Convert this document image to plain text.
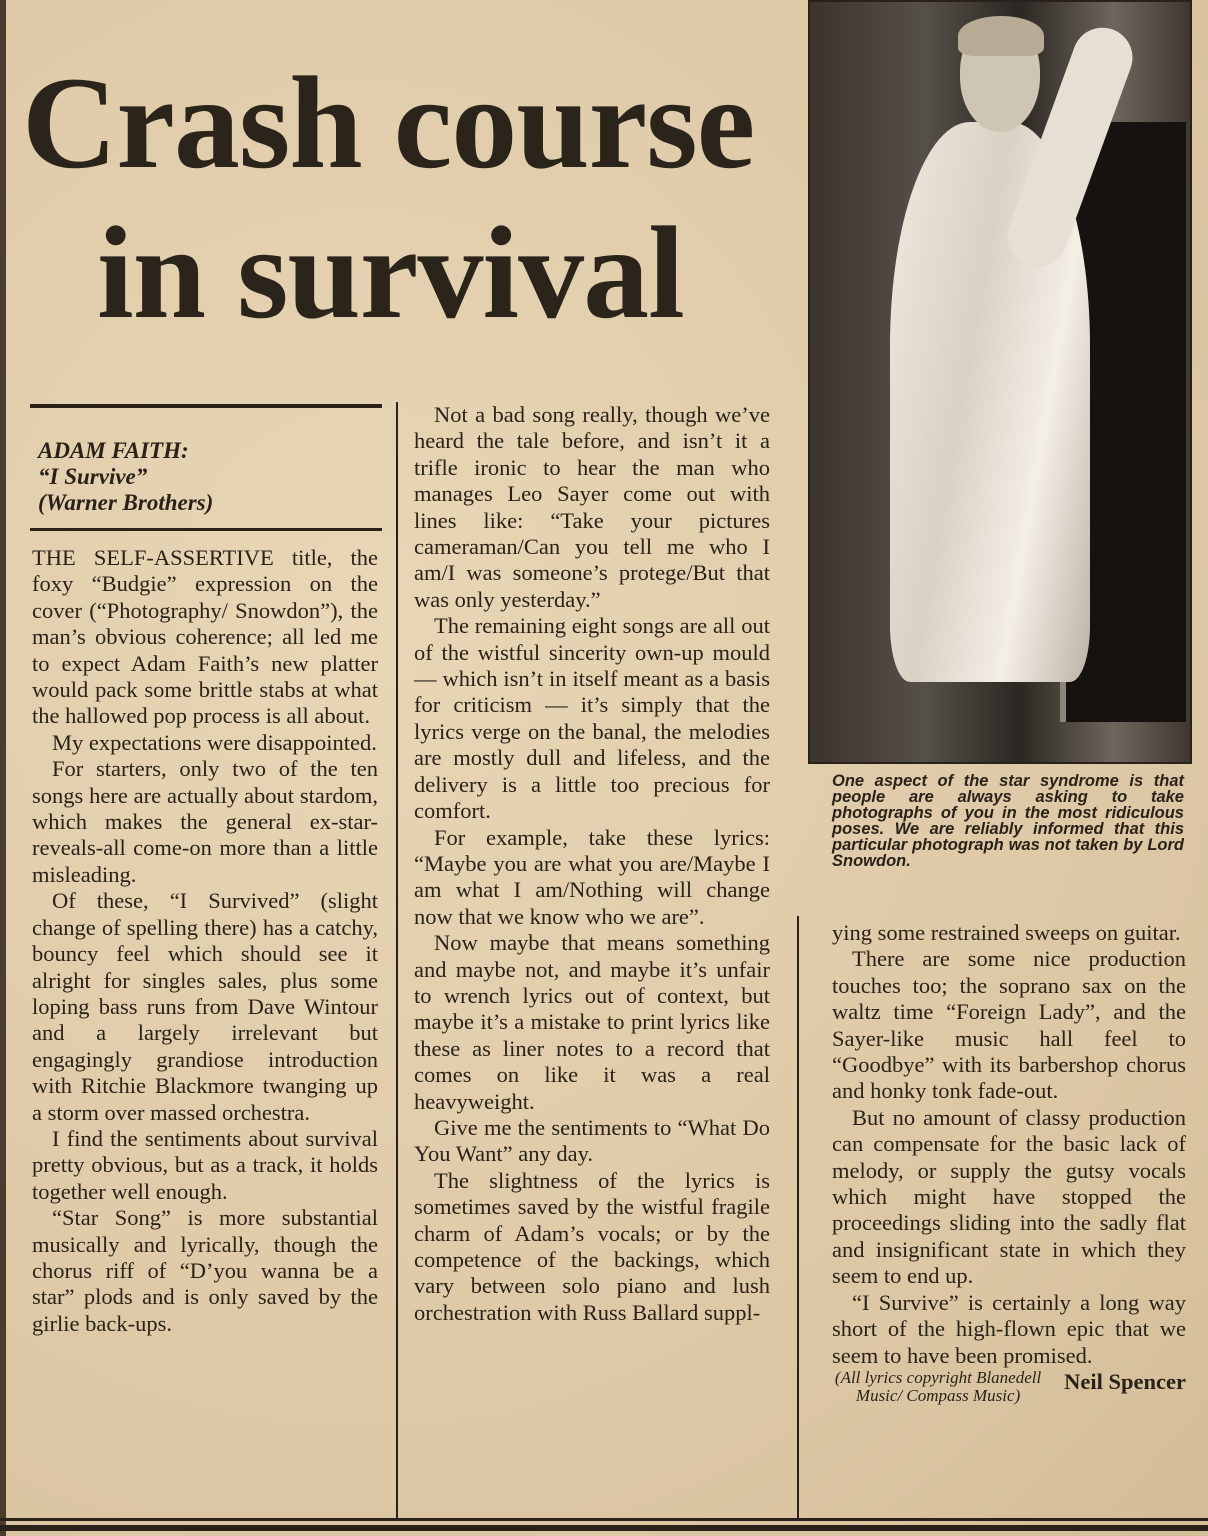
Crash course
in survival
One aspect of the star syndrome is that people are always asking to take photographs of you in the most ridiculous poses. We are reliably informed that this particular photograph was not taken by Lord Snowdon.
ADAM FAITH:
“I Survive”
(Warner Brothers)

THE SELF-ASSERTIVE title, the foxy “Budgie” expression on the cover (“Photography/ Snowdon”), the man’s obvious coherence; all led me to expect Adam Faith’s new platter would pack some brittle stabs at what the hallowed pop process is all about.

My expectations were disappointed.

For starters, only two of the ten songs here are actually about stardom, which makes the general ex-star-reveals-all come-on more than a little misleading.

Of these, “I Survived” (slight change of spelling there) has a catchy, bouncy feel which should see it alright for singles sales, plus some loping bass runs from Dave Wintour and a largely irrelevant but engagingly grandiose introduction with Ritchie Blackmore twanging up a storm over massed orchestra.

I find the sentiments about survival pretty obvious, but as a track, it holds together well enough.

“Star Song” is more substantial musically and lyrically, though the chorus riff of “D’you wanna be a star” plods and is only saved by the girlie back-ups.

Not a bad song really, though we’ve heard the tale before, and isn’t it a trifle ironic to hear the man who manages Leo Sayer come out with lines like: “Take your pictures cameraman/Can you tell me who I am/I was someone’s protege/But that was only yesterday.”

The remaining eight songs are all out of the wistful sincerity own-up mould — which isn’t in itself meant as a basis for criticism — it’s simply that the lyrics verge on the banal, the melodies are mostly dull and lifeless, and the delivery is a little too precious for comfort.

For example, take these lyrics: “Maybe you are what you are/Maybe I am what I am/Nothing will change now that we know who we are”.

Now maybe that means something and maybe not, and maybe it’s unfair to wrench lyrics out of context, but maybe it’s a mistake to print lyrics like these as liner notes to a record that comes on like it was a real heavyweight.

Give me the sentiments to “What Do You Want” any day.

The slightness of the lyrics is sometimes saved by the wistful fragile charm of Adam’s vocals; or by the competence of the backings, which vary between solo piano and lush orchestration with Russ Ballard suppl-

ying some restrained sweeps on guitar.

There are some nice production touches too; the soprano sax on the waltz time “Foreign Lady”, and the Sayer-like music hall feel to “Goodbye” with its barbershop chorus and honky tonk fade-out.

But no amount of classy production can compensate for the basic lack of melody, or supply the gutsy vocals which might have stopped the proceedings sliding into the sadly flat and insignificant state in which they seem to end up.

“I Survive” is certainly a long way short of the high-flown epic that we seem to have been promised.
Neil Spencer

(All lyrics copyright Blanedell Music/ Compass Music)
